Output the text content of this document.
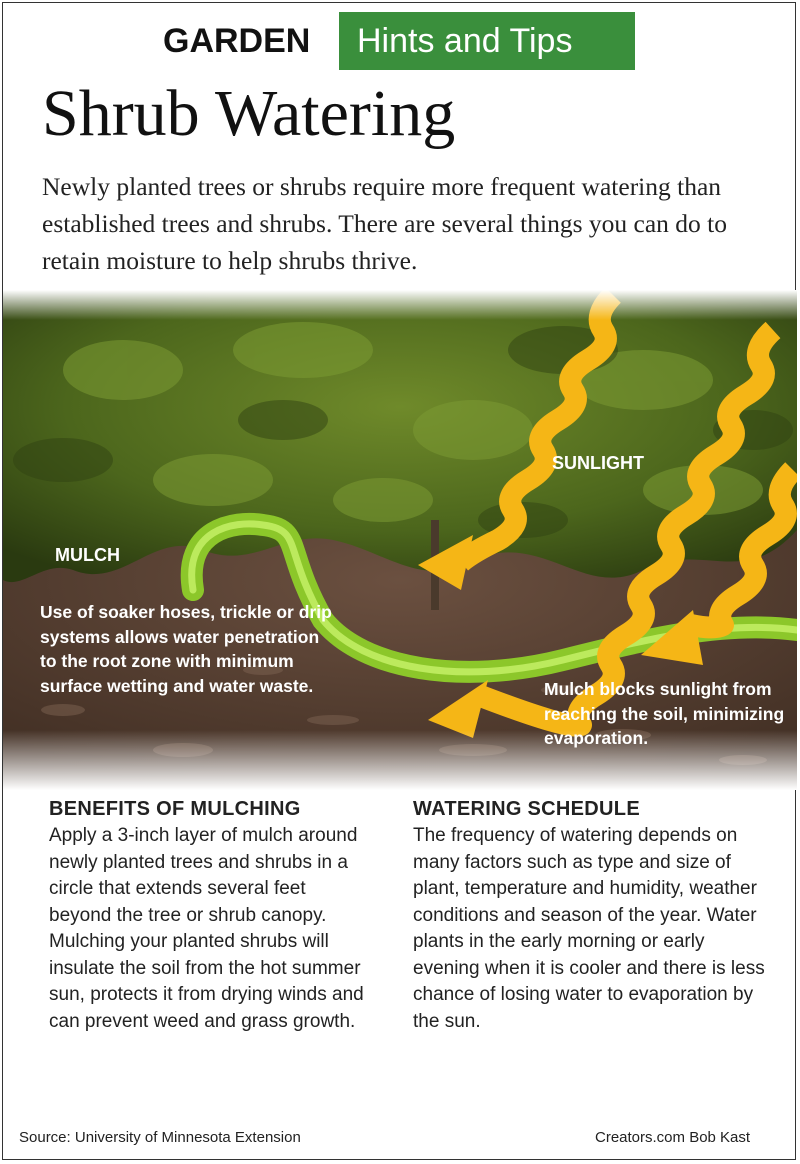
GARDEN Hints and Tips
Shrub Watering
Newly planted trees or shrubs require more frequent watering than established trees and shrubs. There are several things you can do to retain moisture to help shrubs thrive.
MULCH
SUNLIGHT
Use of soaker hoses, trickle or drip systems allows water penetration to the root zone with minimum surface wetting and water waste.	Mulch blocks sunlight from reaching the soil, minimizing evaporation.
BENEFITS OF MULCHING

Apply a 3-inch layer of mulch around newly planted trees and shrubs in a circle that extends several feet beyond the tree or shrub canopy.

Mulching your planted shrubs will insulate the soil from the hot summer sun, protects it from drying winds and can prevent weed and grass growth.

WATERING SCHEDULE

The frequency of watering depends on many factors such as type and size of plant, temperature and humidity, weather conditions and season of the year. Water plants in the early morning or early evening when it is cooler and there is less chance of losing water to evaporation by the sun.

Source: University of Minnesota Extension	Creators.com Bob Kast
